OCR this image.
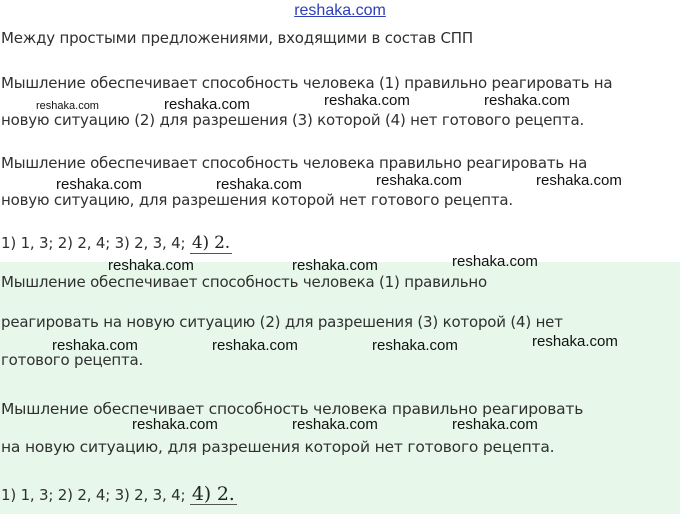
reshaka.com
Между простыми предложениями, входящими в состав СПП
Мышление обеспечивает способность человека (1) правильно реагировать на
новую ситуацию (2) для разрешения (3) которой (4) нет готового рецепта.
Мышление обеспечивает способность человека правильно реагировать на
новую ситуацию, для разрешения которой нет готового рецепта.
1) 1, 3; 2) 2, 4; 3) 2, 3, 4; 4) 2.
Мышление обеспечивает способность человека (1) правильно
реагировать на новую ситуацию (2) для разрешения (3) которой (4) нет
готового рецепта.
Мышление обеспечивает способность человека правильно реагировать
на новую ситуацию, для разрешения которой нет готового рецепта.
1) 1, 3; 2) 2, 4; 3) 2, 3, 4; 4) 2.
reshaka.com	reshaka.com	reshaka.com	reshaka.com
reshaka.com	reshaka.com	reshaka.com	reshaka.com
reshaka.com	reshaka.com	reshaka.com
reshaka.com	reshaka.com	reshaka.com	reshaka.com
reshaka.com	reshaka.com	reshaka.com
